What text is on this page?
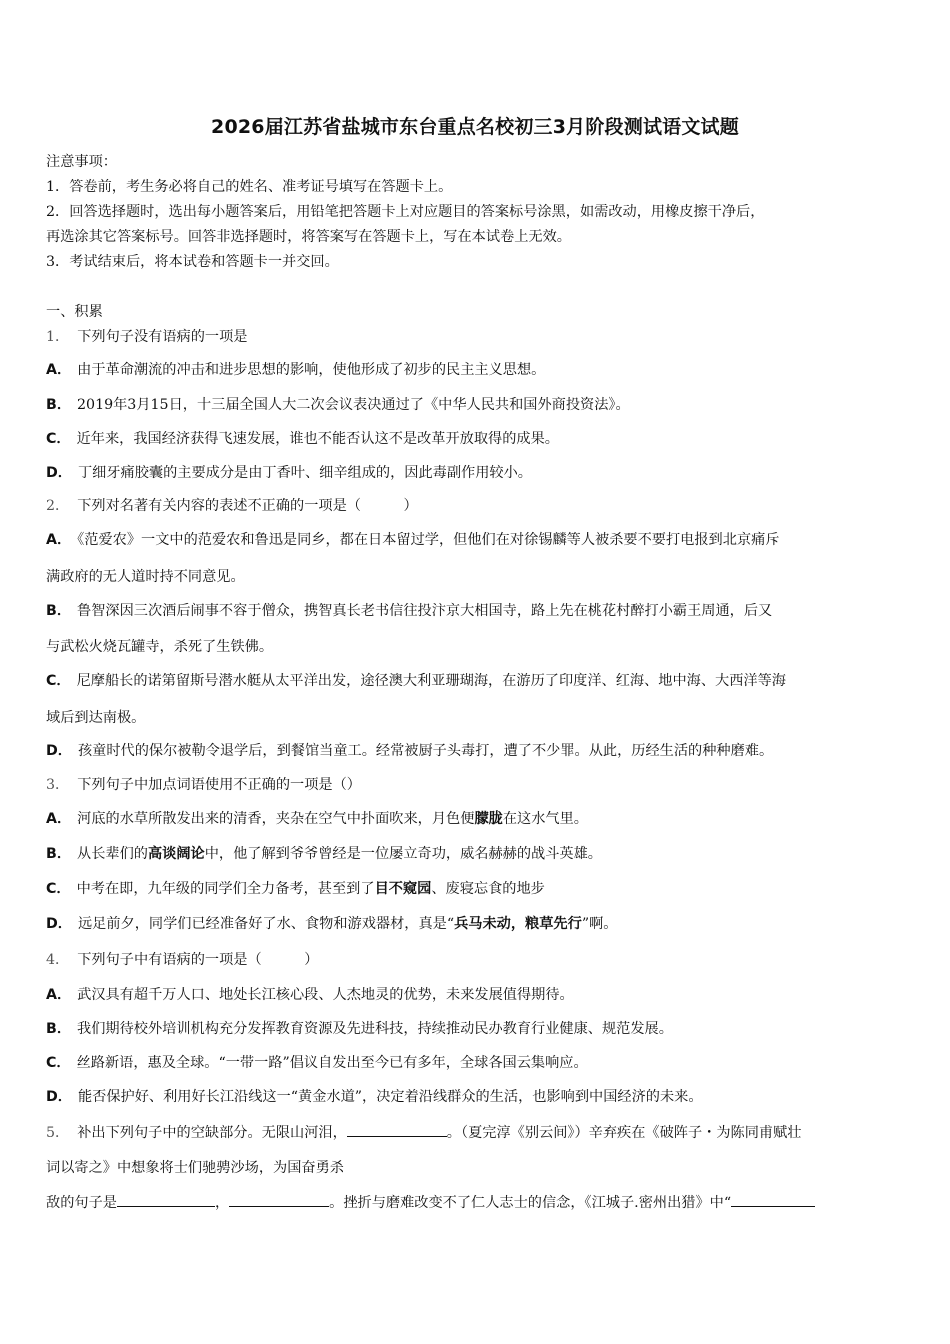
2026届江苏省盐城市东台重点名校初三3月阶段测试语文试题
注意事项：
1．答卷前，考生务必将自己的姓名、准考证号填写在答题卡上。
2．回答选择题时，选出每小题答案后，用铅笔把答题卡上对应题目的答案标号涂黑，如需改动，用橡皮擦干净后，
再选涂其它答案标号。回答非选择题时，将答案写在答题卡上，写在本试卷上无效。
3．考试结束后，将本试卷和答题卡一并交回。
一、积累
1． 下列句子没有语病的一项是
A． 由于革命潮流的冲击和进步思想的影响，使他形成了初步的民主主义思想。
B． 2019年3月15日，十三届全国人大二次会议表决通过了《中华人民共和国外商投资法》。
C． 近年来，我国经济获得飞速发展，谁也不能否认这不是改革开放取得的成果。
D． 丁细牙痛胶囊的主要成分是由丁香叶、细辛组成的，因此毒副作用较小。
2． 下列对名著有关内容的表述不正确的一项是（　　　）
A． 《范爱农》一文中的范爱农和鲁迅是同乡，都在日本留过学，但他们在对徐锡麟等人被杀要不要打电报到北京痛斥
满政府的无人道时持不同意见。
B． 鲁智深因三次酒后闹事不容于僧众，携智真长老书信往投汴京大相国寺，路上先在桃花村醉打小霸王周通，后又
与武松火烧瓦罐寺，杀死了生铁佛。
C． 尼摩船长的诺第留斯号潜水艇从太平洋出发，途径澳大利亚珊瑚海，在游历了印度洋、红海、地中海、大西洋等海
域后到达南极。
D． 孩童时代的保尔被勒令退学后，到餐馆当童工。经常被厨子头毒打，遭了不少罪。从此，历经生活的种种磨难。
3． 下列句子中加点词语使用不正确的一项是（）
A． 河底的水草所散发出来的清香，夹杂在空气中扑面吹来，月色便朦胧在这水气里。
B． 从长辈们的高谈阔论中，他了解到爷爷曾经是一位屡立奇功，威名赫赫的战斗英雄。
C． 中考在即，九年级的同学们全力备考，甚至到了目不窥园、废寝忘食的地步
D． 远足前夕，同学们已经准备好了水、食物和游戏器材，真是“兵马未动，粮草先行”啊。
4． 下列句子中有语病的一项是（　　　）
A． 武汉具有超千万人口、地处长江核心段、人杰地灵的优势，未来发展值得期待。
B． 我们期待校外培训机构充分发挥教育资源及先进科技，持续推动民办教育行业健康、规范发展。
C． 丝路新语，惠及全球。“一带一路”倡议自发出至今已有多年，全球各国云集响应。
D． 能否保护好、利用好长江沿线这一“黄金水道”，决定着沿线群众的生活，也影响到中国经济的未来。
5． 补出下列句子中的空缺部分。无限山河泪，	。（夏完淳《别云间》）辛弃疾在《破阵子・为陈同甫赋壮
词以寄之》中想象将士们驰骋沙场，为国奋勇杀
敌的句子是	，	。挫折与磨难改变不了仁人志士的信念，《江城子.密州出猎》中“
